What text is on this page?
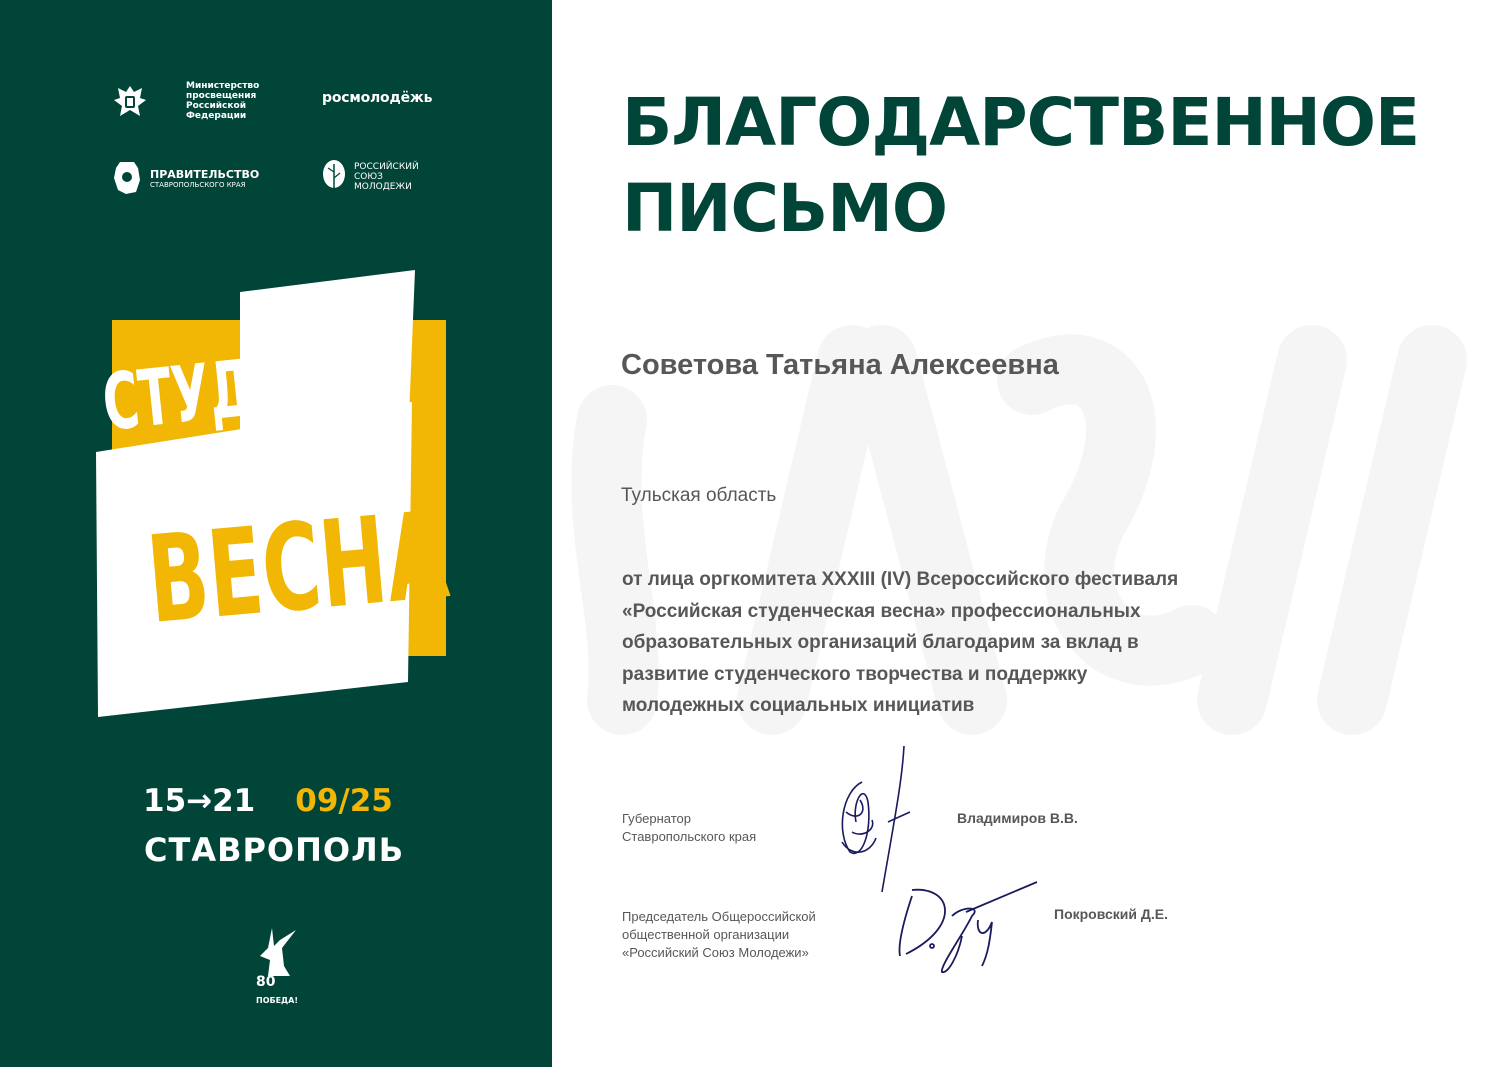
Министерство
просвещения
Российской
Федерации
росмолодёжь
ПРАВИТЕЛЬСТВО
СТАВРОПОЛЬСКОГО КРАЯ
РОССИЙСКИЙ
СОЮЗ
МОЛОДЕЖИ
СТУД
ВЕСНА
15→21 09/25
СТАВРОПОЛЬ
80
ПОБЕДА!
БЛАГОДАРСТВЕННОЕ
ПИСЬМО
Советова Татьяна Алексеевна
Тульская область
от лица оргкомитета XXXIII (IV) Всероссийского фестиваля
«Российская студенческая весна» профессиональных
образовательных организаций благодарим за вклад в
развитие студенческого творчества и поддержку
молодежных социальных инициатив
Губернатор
Ставропольского края
Владимиров В.В.
Председатель Общероссийской
общественной организации
«Российский Союз Молодежи»
Покровский Д.Е.
